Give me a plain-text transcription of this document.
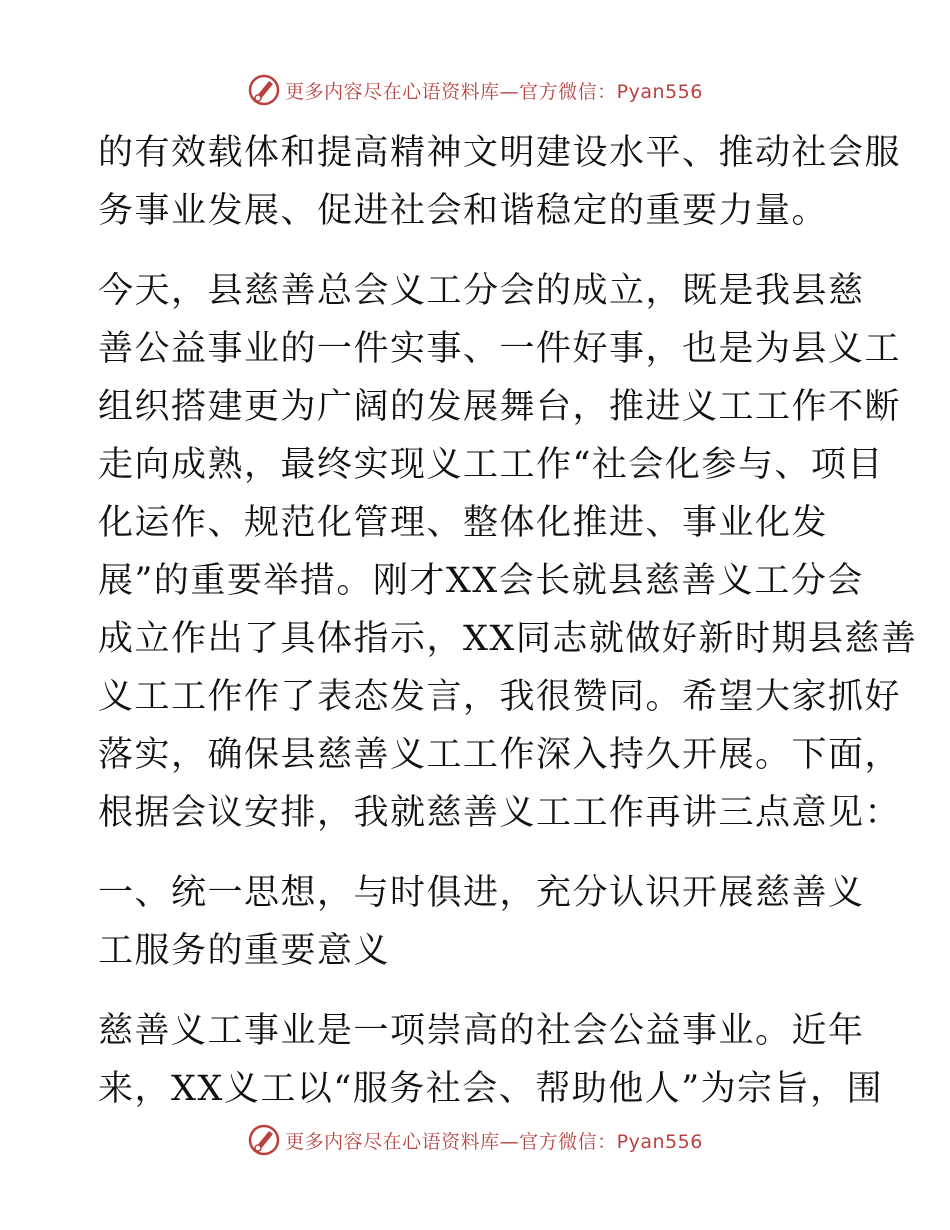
更多内容尽在心语资料库—官方微信：Pyan556
的有效载体和提高精神文明建设水平、推动社会服
务事业发展、促进社会和谐稳定的重要力量。
今天，县慈善总会义工分会的成立，既是我县慈
善公益事业的一件实事、一件好事，也是为县义工
组织搭建更为广阔的发展舞台，推进义工工作不断
走向成熟，最终实现义工工作“社会化参与、项目
化运作、规范化管理、整体化推进、事业化发
展”的重要举措。刚才XX会长就县慈善义工分会
成立作出了具体指示，XX同志就做好新时期县慈善
义工工作作了表态发言，我很赞同。希望大家抓好
落实，确保县慈善义工工作深入持久开展。下面，
根据会议安排，我就慈善义工工作再讲三点意见：
一、统一思想，与时俱进，充分认识开展慈善义
工服务的重要意义
慈善义工事业是一项崇高的社会公益事业。近年
来，XX义工以“服务社会、帮助他人”为宗旨，围
更多内容尽在心语资料库—官方微信：Pyan556
